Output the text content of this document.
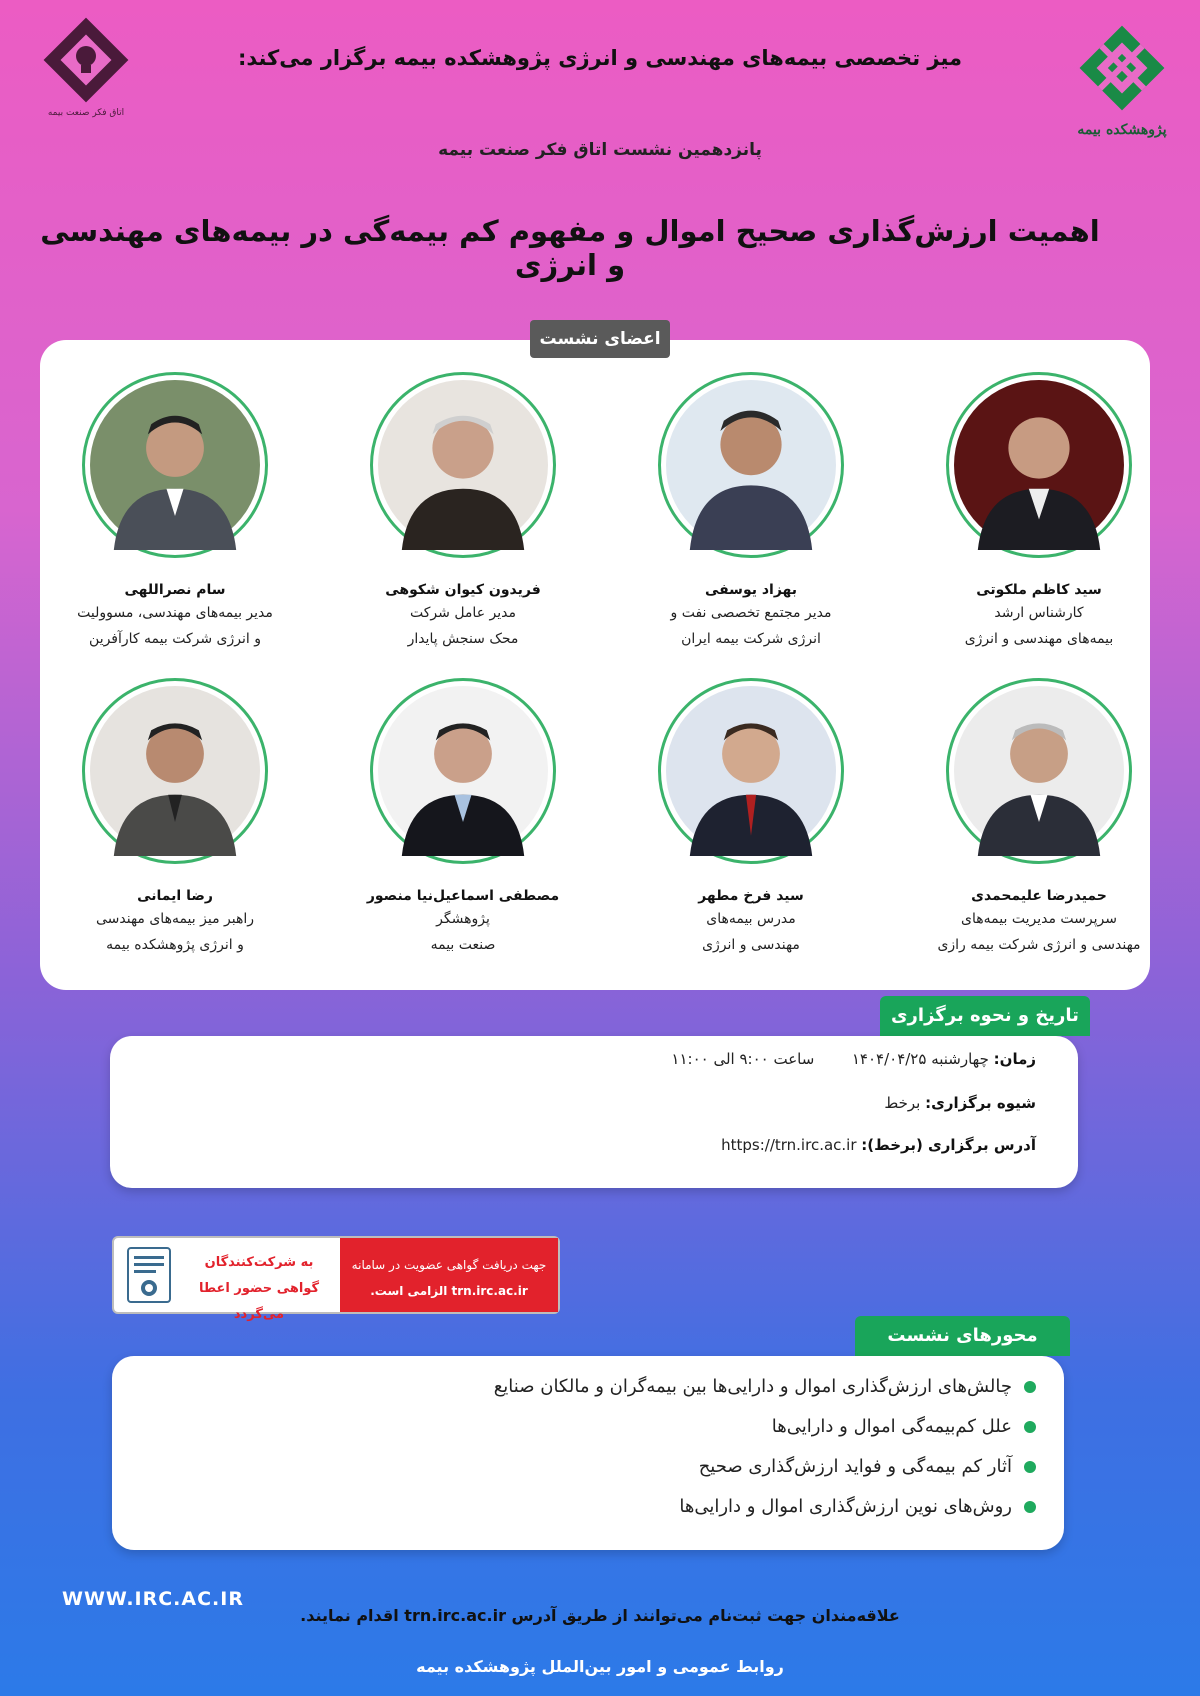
پژوهشکده بیمه
اتاق فکر صنعت بیمه
میز تخصصی بیمه‌های مهندسی و انرژی پژوهشکده بیمه برگزار می‌کند:
پانزدهمین نشست اتاق فکر صنعت بیمه
اهمیت ارزش‌گذاری صحیح اموال و مفهوم کم بیمه‌گی در بیمه‌های مهندسی و انرژی
اعضای نشست
سید کاظم ملکوتی
کارشناس ارشد
بیمه‌های مهندسی و انرژی
بهزاد یوسفی
مدیر مجتمع تخصصی نفت و
انرژی شرکت بیمه ایران
فریدون کیوان شکوهی
مدیر عامل شرکت
محک سنجش پایدار
سام نصراللهی
مدیر بیمه‌های مهندسی، مسوولیت
و انرژی شرکت بیمه کارآفرین
حمیدرضا علیمحمدی
سرپرست مدیریت بیمه‌های
مهندسی و انرژی شرکت بیمه رازی
سید فرخ مطهر
مدرس بیمه‌های
مهندسی و انرژی
مصطفی اسماعیل‌نیا منصور
پژوهشگر
صنعت بیمه
رضا ایمانی
راهبر میز بیمه‌های مهندسی
و انرژی پژوهشکده بیمه
تاریخ و نحوه برگزاری
زمان: چهارشنبه ۱۴۰۴/۰۴/۲۵  ساعت ۹:۰۰ الی ۱۱:۰۰
شیوه برگزاری: برخط
آدرس برگزاری (برخط): https://trn.irc.ac.ir
جهت دریافت گواهی عضویت در سامانه
trn.irc.ac.ir الزامی است.
به شرکت‌کنندگان
گواهی حضور اعطا می‌گردد
محورهای نشست
چالش‌های ارزش‌گذاری اموال و دارایی‌ها بین بیمه‌گران و مالکان صنایع
علل کم‌بیمه‌گی اموال و دارایی‌ها
آثار کم بیمه‌گی و فواید ارزش‌گذاری صحیح
روش‌های نوین ارزش‌گذاری اموال و دارایی‌ها
WWW.IRC.AC.IR
علاقه‌مندان جهت ثبت‌نام می‌توانند از طریق آدرس trn.irc.ac.ir اقدام نمایند.
روابط عمومی و امور بین‌الملل پژوهشکده بیمه
